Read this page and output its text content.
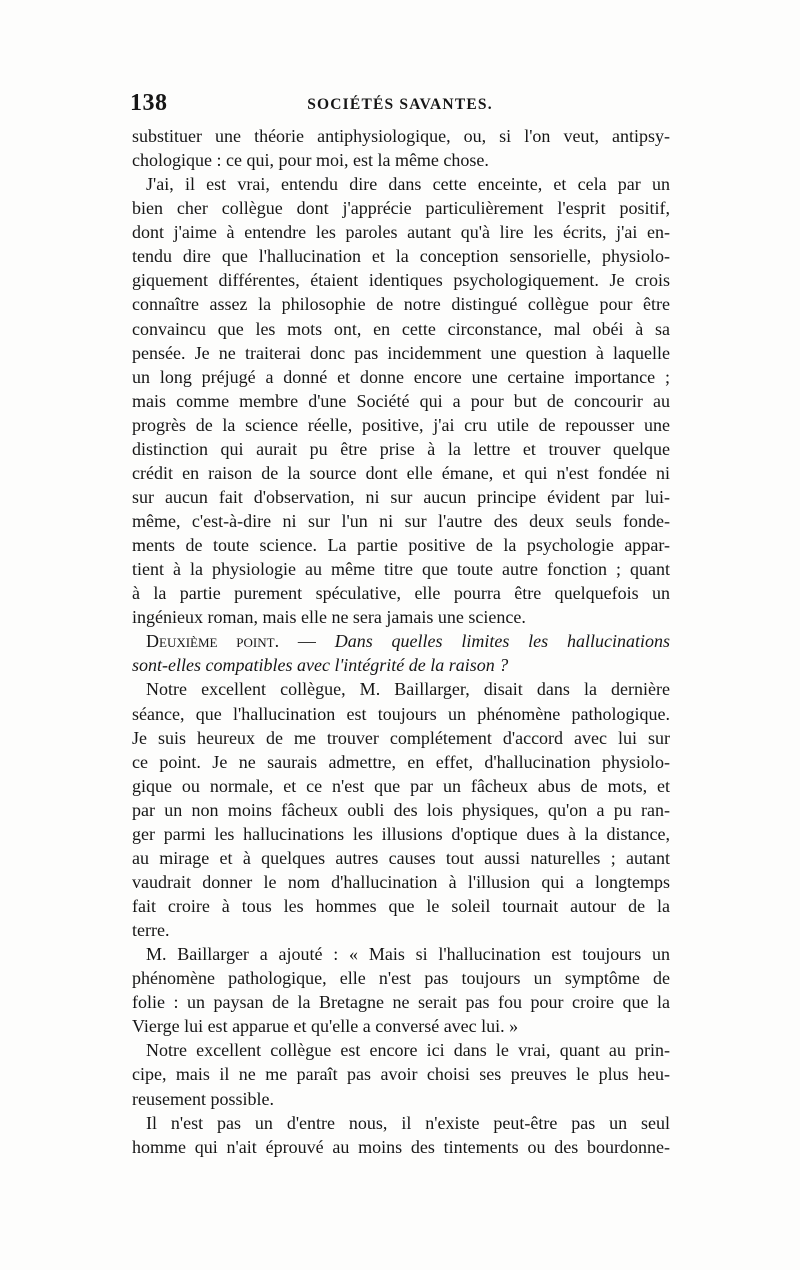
138	SOCIÉTÉS SAVANTES.
substituer une théorie antiphysiologique, ou, si l'on veut, antipsy-
chologique : ce qui, pour moi, est la même chose.
J'ai, il est vrai, entendu dire dans cette enceinte, et cela par un
bien cher collègue dont j'apprécie particulièrement l'esprit positif,
dont j'aime à entendre les paroles autant qu'à lire les écrits, j'ai en-
tendu dire que l'hallucination et la conception sensorielle, physiolo-
giquement différentes, étaient identiques psychologiquement. Je crois
connaître assez la philosophie de notre distingué collègue pour être
convaincu que les mots ont, en cette circonstance, mal obéi à sa
pensée. Je ne traiterai donc pas incidemment une question à laquelle
un long préjugé a donné et donne encore une certaine importance ;
mais comme membre d'une Société qui a pour but de concourir au
progrès de la science réelle, positive, j'ai cru utile de repousser une
distinction qui aurait pu être prise à la lettre et trouver quelque
crédit en raison de la source dont elle émane, et qui n'est fondée ni
sur aucun fait d'observation, ni sur aucun principe évident par lui-
même, c'est-à-dire ni sur l'un ni sur l'autre des deux seuls fonde-
ments de toute science. La partie positive de la psychologie appar-
tient à la physiologie au même titre que toute autre fonction ; quant
à la partie purement spéculative, elle pourra être quelquefois un
ingénieux roman, mais elle ne sera jamais une science.
Deuxième point. — Dans quelles limites les hallucinations
sont-elles compatibles avec l'intégrité de la raison ?
Notre excellent collègue, M. Baillarger, disait dans la dernière
séance, que l'hallucination est toujours un phénomène pathologique.
Je suis heureux de me trouver complétement d'accord avec lui sur
ce point. Je ne saurais admettre, en effet, d'hallucination physiolo-
gique ou normale, et ce n'est que par un fâcheux abus de mots, et
par un non moins fâcheux oubli des lois physiques, qu'on a pu ran-
ger parmi les hallucinations les illusions d'optique dues à la distance,
au mirage et à quelques autres causes tout aussi naturelles ; autant
vaudrait donner le nom d'hallucination à l'illusion qui a longtemps
fait croire à tous les hommes que le soleil tournait autour de la
terre.
M. Baillarger a ajouté : « Mais si l'hallucination est toujours un
phénomène pathologique, elle n'est pas toujours un symptôme de
folie : un paysan de la Bretagne ne serait pas fou pour croire que la
Vierge lui est apparue et qu'elle a conversé avec lui. »
Notre excellent collègue est encore ici dans le vrai, quant au prin-
cipe, mais il ne me paraît pas avoir choisi ses preuves le plus heu-
reusement possible.
Il n'est pas un d'entre nous, il n'existe peut-être pas un seul
homme qui n'ait éprouvé au moins des tintements ou des bourdonne-
